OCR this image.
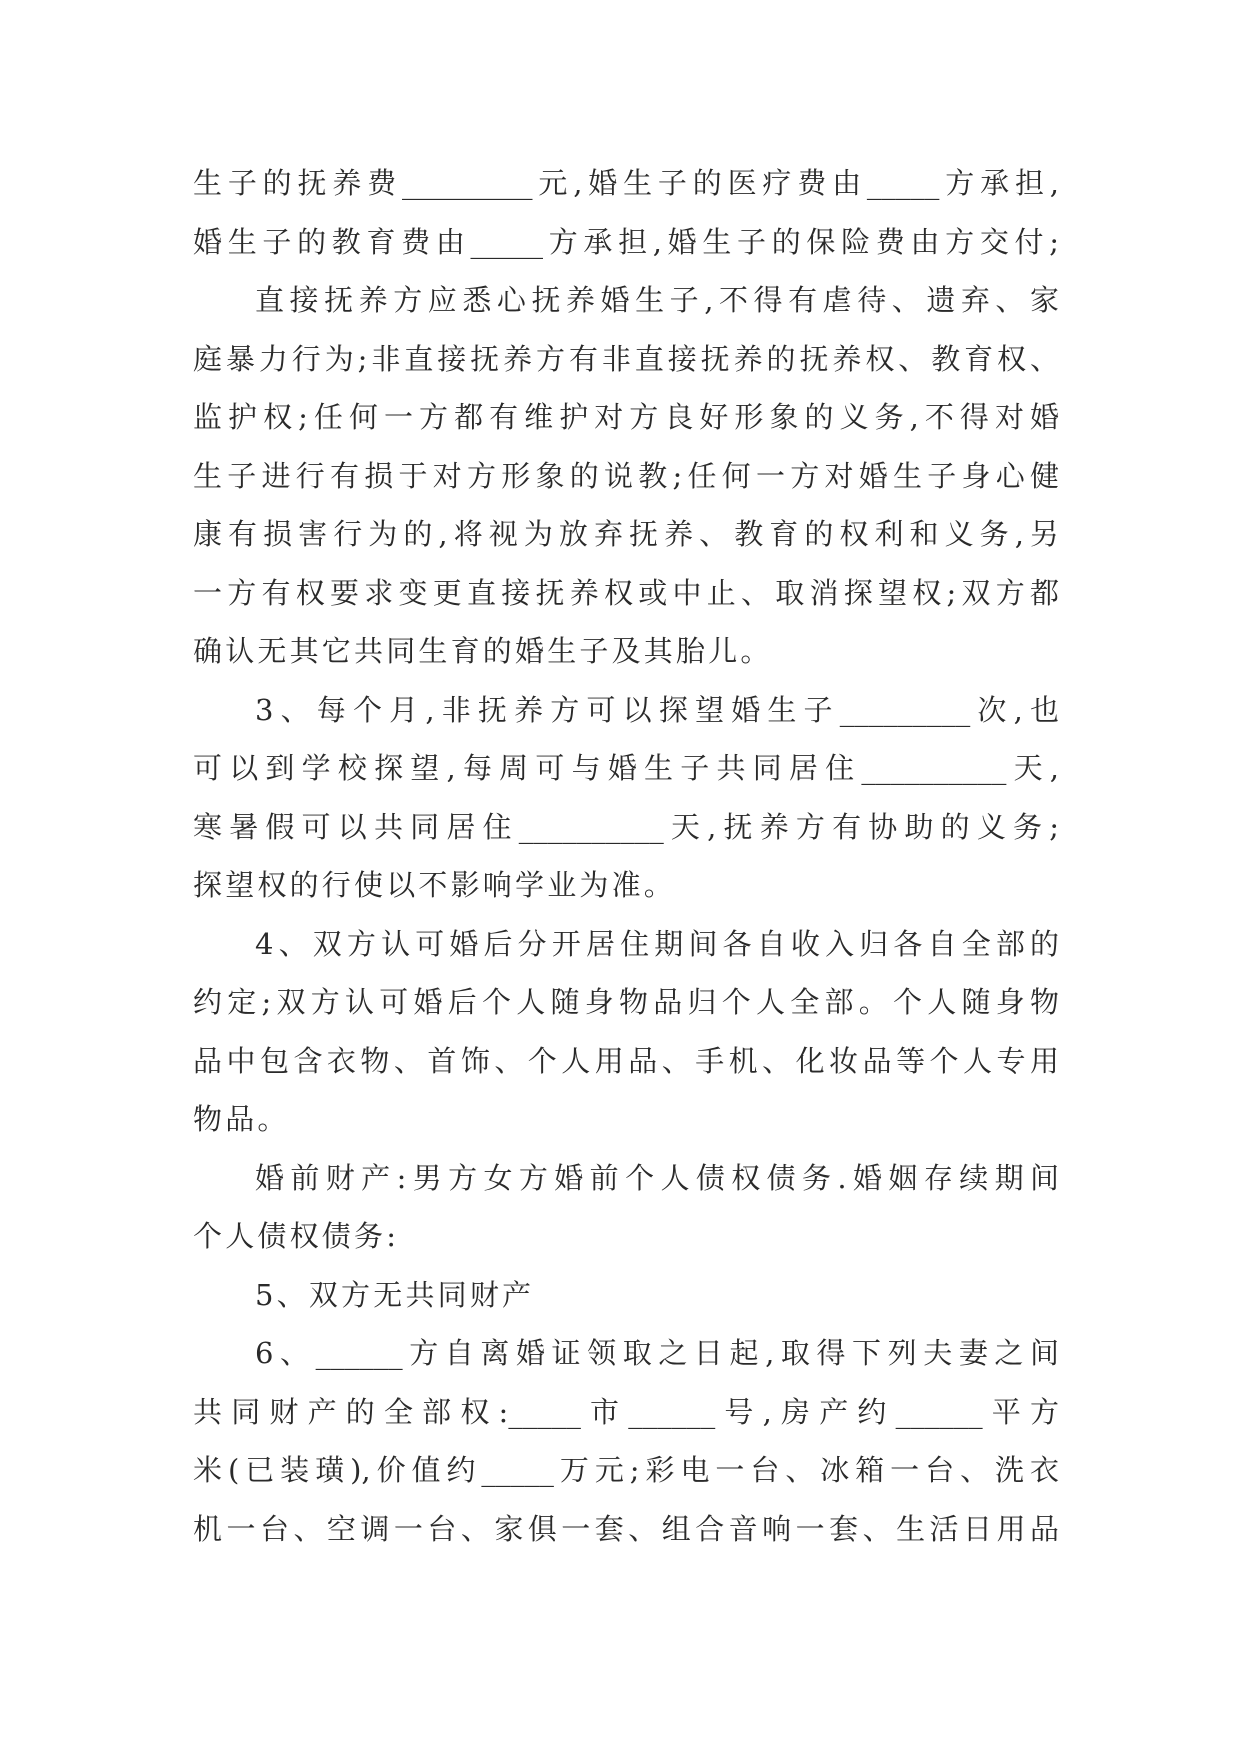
生子的抚养费_________元,婚生子的医疗费由_____方承担,
婚生子的教育费由_____方承担,婚生子的保险费由方交付;
直接抚养方应悉心抚养婚生子,不得有虐待、遗弃、家
庭暴力行为;非直接抚养方有非直接抚养的抚养权、教育权、
监护权;任何一方都有维护对方良好形象的义务,不得对婚
生子进行有损于对方形象的说教;任何一方对婚生子身心健
康有损害行为的,将视为放弃抚养、教育的权利和义务,另
一方有权要求变更直接抚养权或中止、取消探望权;双方都
确认无其它共同生育的婚生子及其胎儿。
3、每个月,非抚养方可以探望婚生子_________次,也
可以到学校探望,每周可与婚生子共同居住__________天,
寒暑假可以共同居住__________天,抚养方有协助的义务;
探望权的行使以不影响学业为准。
4、双方认可婚后分开居住期间各自收入归各自全部的
约定;双方认可婚后个人随身物品归个人全部。个人随身物
品中包含衣物、首饰、个人用品、手机、化妆品等个人专用
物品。
婚前财产:男方女方婚前个人债权债务.婚姻存续期间
个人债权债务:
5、双方无共同财产
6、______方自离婚证领取之日起,取得下列夫妻之间
共同财产的全部权:_____市______号,房产约______平方
米(已装璜),价值约_____万元;彩电一台、冰箱一台、洗衣
机一台、空调一台、家俱一套、组合音响一套、生活日用品
